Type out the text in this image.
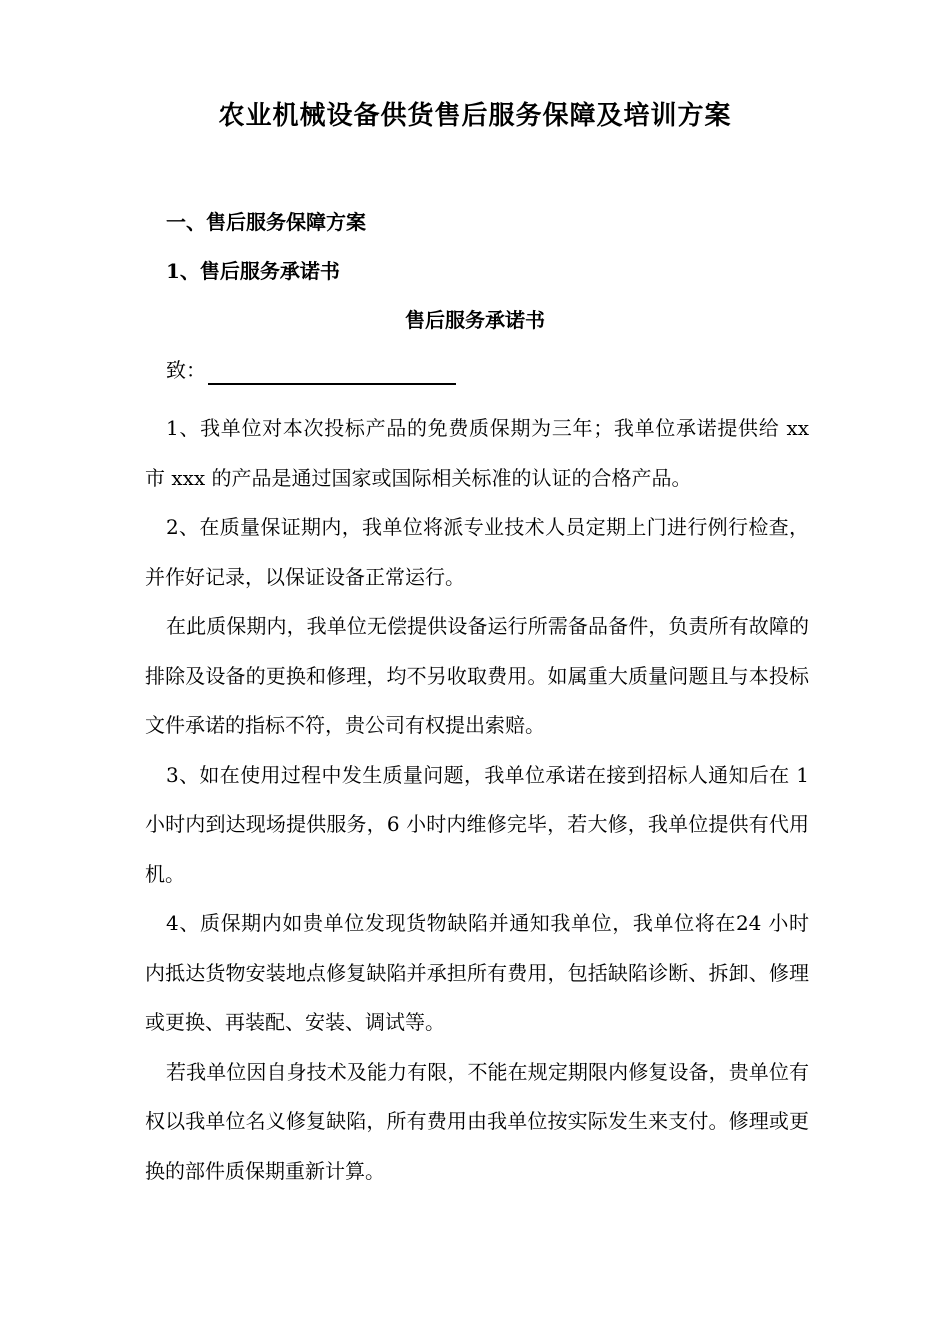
农业机械设备供货售后服务保障及培训方案
一、售后服务保障方案
1、售后服务承诺书
售后服务承诺书
致：

1、我单位对本次投标产品的免费质保期为三年；我单位承诺提供给 xx 市 xxx 的产品是通过国家或国际相关标准的认证的合格产品。

2、在质量保证期内，我单位将派专业技术人员定期上门进行例行检查，并作好记录，以保证设备正常运行。

在此质保期内，我单位无偿提供设备运行所需备品备件，负责所有故障的排除及设备的更换和修理，均不另收取费用。如属重大质量问题且与本投标文件承诺的指标不符，贵公司有权提出索赔。

3、如在使用过程中发生质量问题，我单位承诺在接到招标人通知后在 1 小时内到达现场提供服务，6 小时内维修完毕，若大修，我单位提供有代用机。

4、质保期内如贵单位发现货物缺陷并通知我单位，我单位将在24 小时内抵达货物安装地点修复缺陷并承担所有费用，包括缺陷诊断、拆卸、修理或更换、再装配、安装、调试等。

若我单位因自身技术及能力有限，不能在规定期限内修复设备，贵单位有权以我单位名义修复缺陷，所有费用由我单位按实际发生来支付。修理或更换的部件质保期重新计算。
